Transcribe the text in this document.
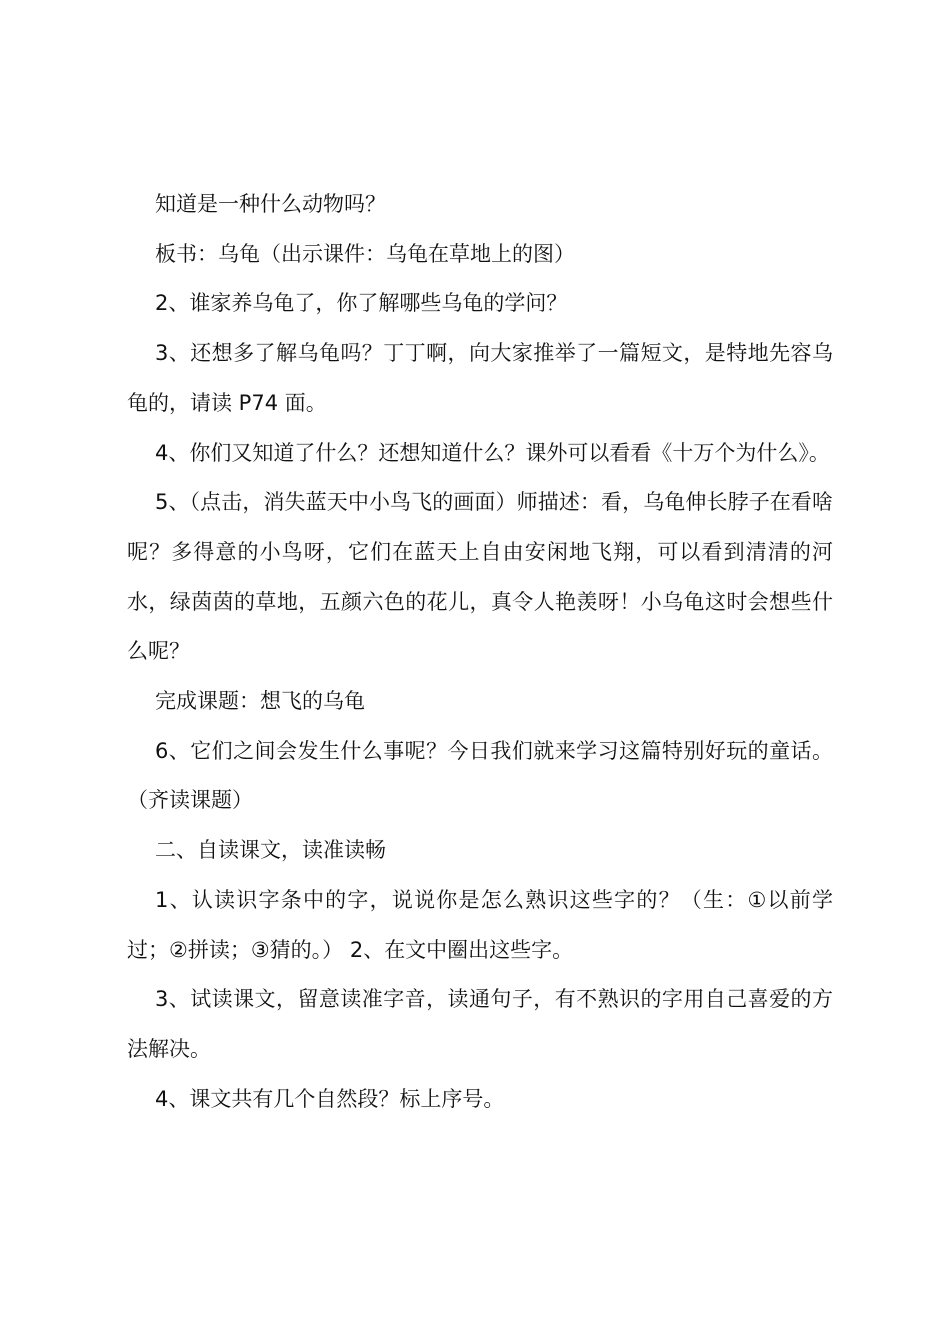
知道是一种什么动物吗？

板书：乌龟（出示课件：乌龟在草地上的图）

2、谁家养乌龟了，你了解哪些乌龟的学问？

3、还想多了解乌龟吗？丁丁啊，向大家推举了一篇短文，是特地先容乌龟的，请读 P74 面。

4、你们又知道了什么？还想知道什么？课外可以看看《十万个为什么》。

5、（点击，消失蓝天中小鸟飞的画面）师描述：看，乌龟伸长脖子在看啥呢？多得意的小鸟呀，它们在蓝天上自由安闲地飞翔，可以看到清清的河水，绿茵茵的草地，五颜六色的花儿，真令人艳羡呀！小乌龟这时会想些什么呢？

完成课题：想飞的乌龟

6、它们之间会发生什么事呢？今日我们就来学习这篇特别好玩的童话。（齐读课题）

二、自读课文，读准读畅

1、认读识字条中的字，说说你是怎么熟识这些字的？（生：①以前学过；②拼读；③猜的。） 2、在文中圈出这些字。

3、试读课文，留意读准字音，读通句子，有不熟识的字用自己喜爱的方法解决。

4、课文共有几个自然段？标上序号。
